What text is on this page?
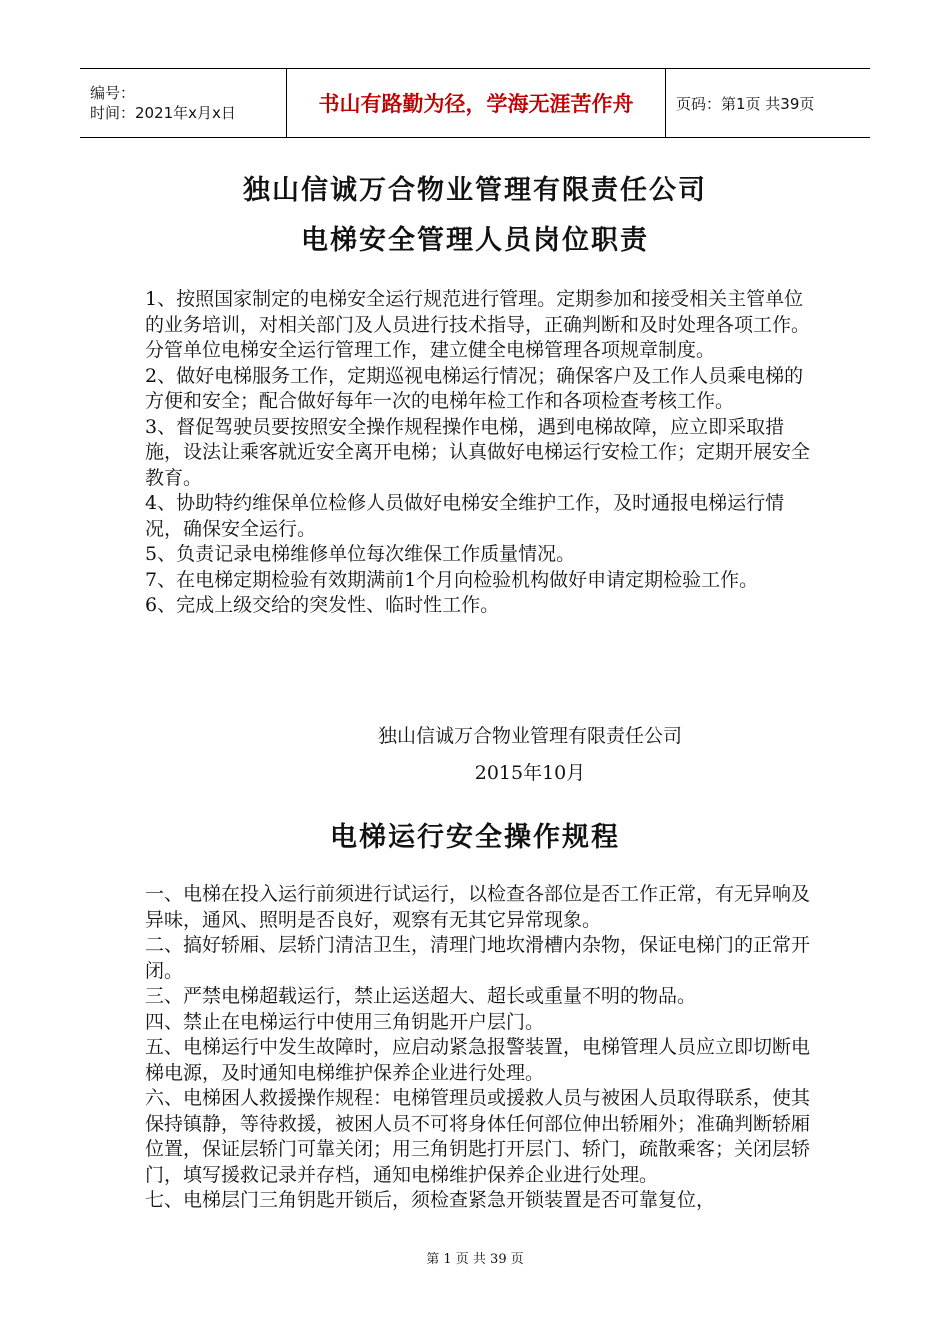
编号：
时间：2021年x月x日	书山有路勤为径，学海无涯苦作舟	页码：第1页 共39页
独山信诚万合物业管理有限责任公司
电梯安全管理人员岗位职责

1、按照国家制定的电梯安全运行规范进行管理。定期参加和接受相关主管单位的业务培训，对相关部门及人员进行技术指导，正确判断和及时处理各项工作。分管单位电梯安全运行管理工作，建立健全电梯管理各项规章制度。

2、做好电梯服务工作，定期巡视电梯运行情况；确保客户及工作人员乘电梯的方便和安全；配合做好每年一次的电梯年检工作和各项检查考核工作。

3、督促驾驶员要按照安全操作规程操作电梯，遇到电梯故障，应立即采取措施，设法让乘客就近安全离开电梯；认真做好电梯运行安检工作；定期开展安全教育。

4、协助特约维保单位检修人员做好电梯安全维护工作，及时通报电梯运行情况，确保安全运行。

5、负责记录电梯维修单位每次维保工作质量情况。

7、在电梯定期检验有效期满前1个月向检验机构做好申请定期检验工作。

6、完成上级交给的突发性、临时性工作。

独山信诚万合物业管理有限责任公司
2015年10月
电梯运行安全操作规程

一、电梯在投入运行前须进行试运行，以检查各部位是否工作正常，有无异响及异味，通风、照明是否良好，观察有无其它异常现象。

二、搞好轿厢、层轿门清洁卫生，清理门地坎滑槽内杂物，保证电梯门的正常开闭。

三、严禁电梯超载运行，禁止运送超大、超长或重量不明的物品。

四、禁止在电梯运行中使用三角钥匙开户层门。

五、电梯运行中发生故障时，应启动紧急报警装置，电梯管理人员应立即切断电梯电源，及时通知电梯维护保养企业进行处理。

六、电梯困人救援操作规程：电梯管理员或援救人员与被困人员取得联系，使其保持镇静，等待救援，被困人员不可将身体任何部位伸出轿厢外；准确判断轿厢位置，保证层轿门可靠关闭；用三角钥匙打开层门、轿门，疏散乘客；关闭层轿门，填写援救记录并存档，通知电梯维护保养企业进行处理。

七、电梯层门三角钥匙开锁后，须检查紧急开锁装置是否可靠复位，

第 1 页 共 39 页
